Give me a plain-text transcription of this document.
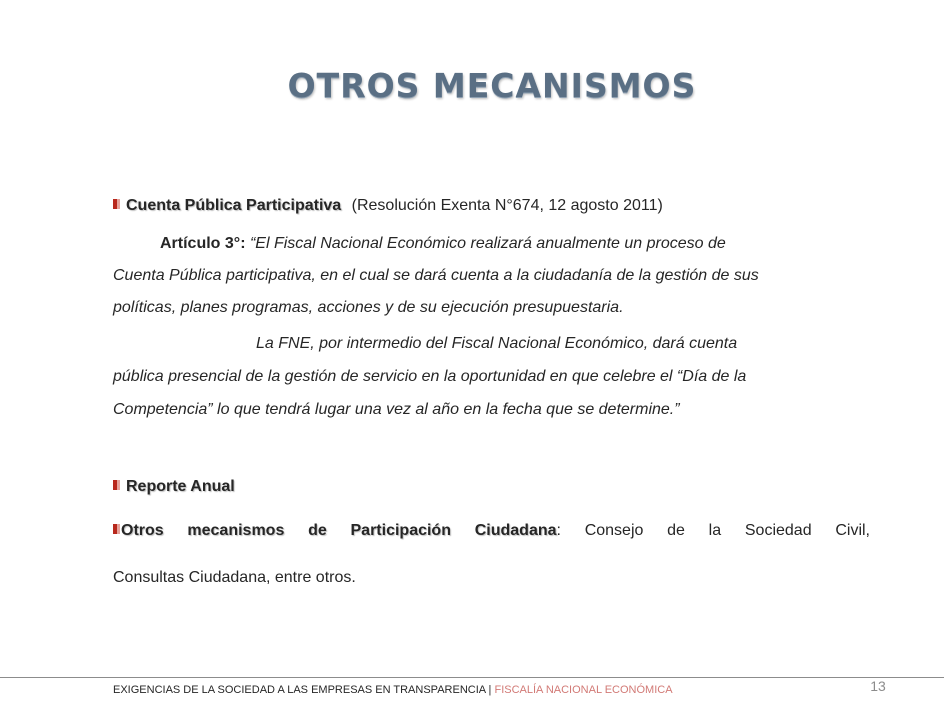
OTROS MECANISMOS
Cuenta Pública Participativa (Resolución Exenta N°674, 12 agosto 2011)
Artículo 3°: “El Fiscal Nacional Económico realizará anualmente un proceso de
Cuenta Pública participativa, en el cual se dará cuenta a la ciudadanía de la gestión de sus
políticas, planes programas, acciones y de su ejecución presupuestaria.
La FNE, por intermedio del Fiscal Nacional Económico, dará cuenta
pública presencial de la gestión de servicio en la oportunidad en que celebre el “Día de la
Competencia” lo que tendrá lugar una vez al año en la fecha que se determine.”
Reporte Anual
Otros mecanismos de Participación Ciudadana: Consejo de la Sociedad Civil,
Consultas Ciudadana, entre otros.
EXIGENCIAS DE LA SOCIEDAD A LAS EMPRESAS EN TRANSPARENCIA | FISCALÍA NACIONAL ECONÓMICA	13
